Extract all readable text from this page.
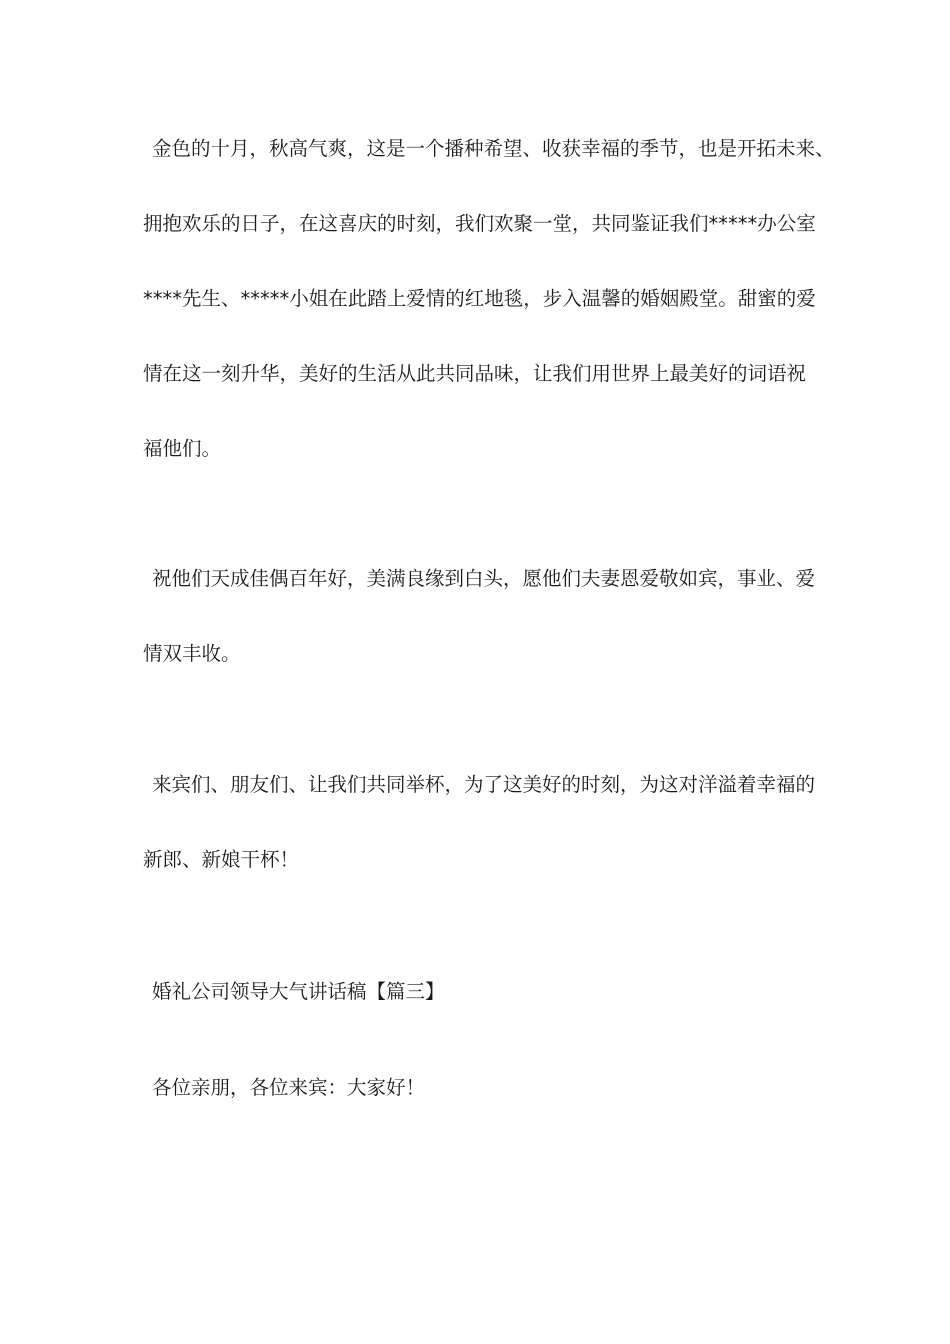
金色的十月，秋高气爽，这是一个播种希望、收获幸福的季节，也是开拓未来、
拥抱欢乐的日子，在这喜庆的时刻，我们欢聚一堂，共同鉴证我们*****办公室
****先生、*****小姐在此踏上爱情的红地毯，步入温馨的婚姻殿堂。甜蜜的爱
情在这一刻升华，美好的生活从此共同品味，让我们用世界上最美好的词语祝
福他们。
祝他们天成佳偶百年好，美满良缘到白头，愿他们夫妻恩爱敬如宾，事业、爱
情双丰收。
来宾们、朋友们、让我们共同举杯，为了这美好的时刻，为这对洋溢着幸福的
新郎、新娘干杯！
婚礼公司领导大气讲话稿【篇三】
各位亲朋，各位来宾：大家好！
